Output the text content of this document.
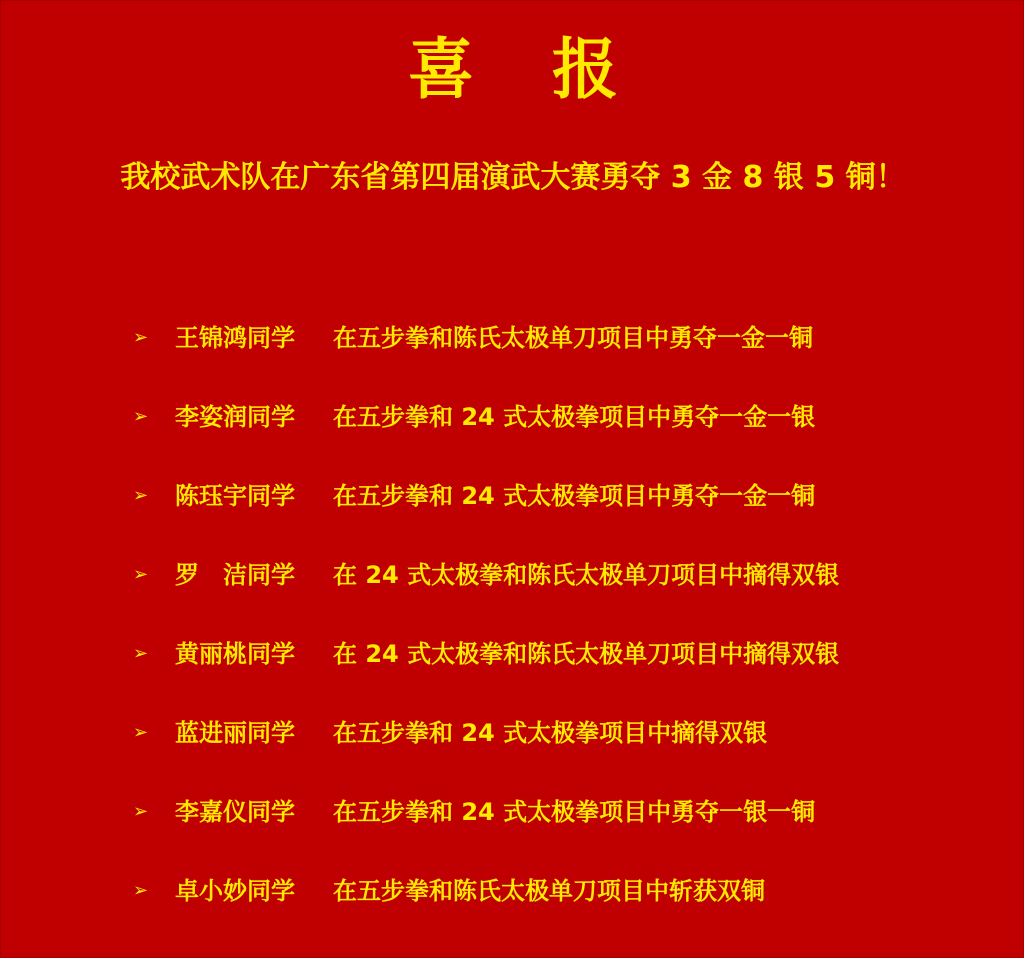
喜报
我校武术队在广东省第四届演武大赛勇夺 3 金 8 银 5 铜！
➢	王锦鸿同学	在五步拳和陈氏太极单刀项目中勇夺一金一铜
➢	李姿润同学	在五步拳和 24 式太极拳项目中勇夺一金一银
➢	陈珏宇同学	在五步拳和 24 式太极拳项目中勇夺一金一铜
➢	罗　洁同学	在 24 式太极拳和陈氏太极单刀项目中摘得双银
➢	黄丽桃同学	在 24 式太极拳和陈氏太极单刀项目中摘得双银
➢	蓝进丽同学	在五步拳和 24 式太极拳项目中摘得双银
➢	李嘉仪同学	在五步拳和 24 式太极拳项目中勇夺一银一铜
➢	卓小妙同学	在五步拳和陈氏太极单刀项目中斩获双铜
